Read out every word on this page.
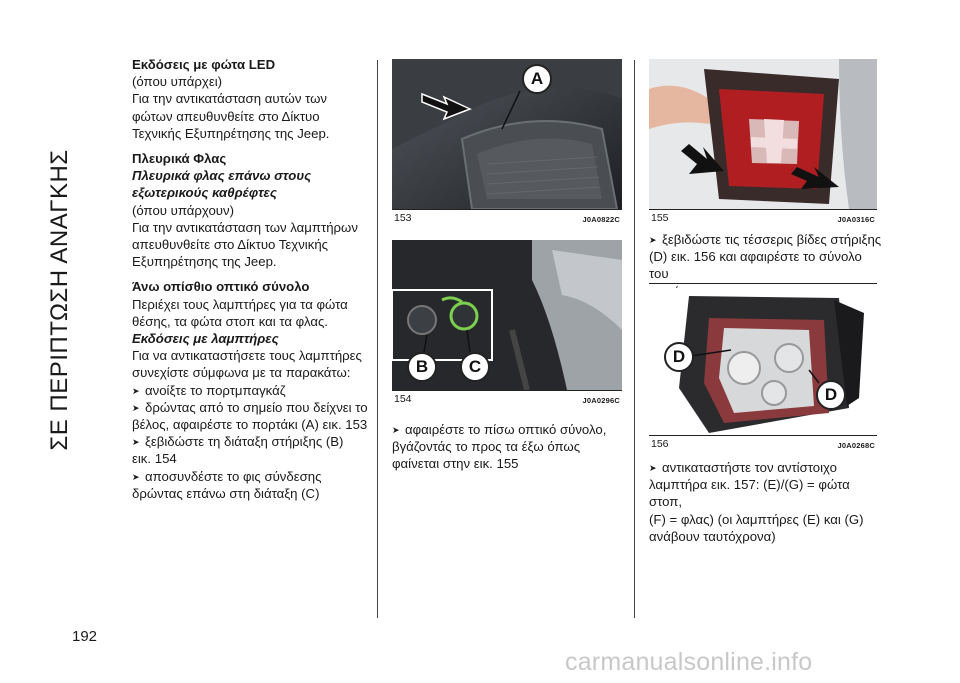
ΣΕ ΠΕΡΙΠΤΩΣΗ ΑΝΑΓΚΗΣ
192

Εκδόσεις με φώτα LED

(όπου υπάρχει)

Για την αντικατάσταση αυτών των

φώτων απευθυνθείτε στο Δίκτυο

Τεχνικής Εξυπηρέτησης της Jeep.

Πλευρικά Φλας

Πλευρικά φλας επάνω στους

εξωτερικούς καθρέφτες

(όπου υπάρχουν)

Για την αντικατάσταση των λαμπτήρων

απευθυνθείτε στο Δίκτυο Τεχνικής

Εξυπηρέτησης της Jeep.

Άνω οπίσθιο οπτικό σύνολο

Περιέχει τους λαμπτήρες για τα φώτα

θέσης, τα φώτα στοπ και τα φλας.

Εκδόσεις με λαμπτήρες

Για να αντικαταστήσετε τους λαμπτήρες

συνεχίστε σύμφωνα με τα παρακάτω:

➤ ανοίξτε το πορτμπαγκάζ

➤ δρώντας από το σημείο που δείχνει το

βέλος, αφαιρέστε το πορτάκι (A) εικ. 153

➤ ξεβιδώστε τη διάταξη στήριξης (B)

εικ. 154

➤ αποσυνδέστε το φις σύνδεσης

δρώντας επάνω στη διάταξη (C)

A
153	J0A0822C
B	C
154	J0A0296C

➤ αφαιρέστε το πίσω οπτικό σύνολο,

βγάζοντάς το προς τα έξω όπως

φαίνεται στην εικ. 155

155	J0A0316C

➤ ξεβιδώστε τις τέσσερις βίδες στήριξης

(D) εικ. 156 και αφαιρέστε το σύνολο του

D
D
156	J0A0268C

➤ αντικαταστήστε τον αντίστοιχο

λαμπτήρα εικ. 157: (E)/(G) = φώτα στοπ,

(F) = φλας) (οι λαμπτήρες (E) και (G)

ανάβουν ταυτόχρονα)

carmanualsonline.info
